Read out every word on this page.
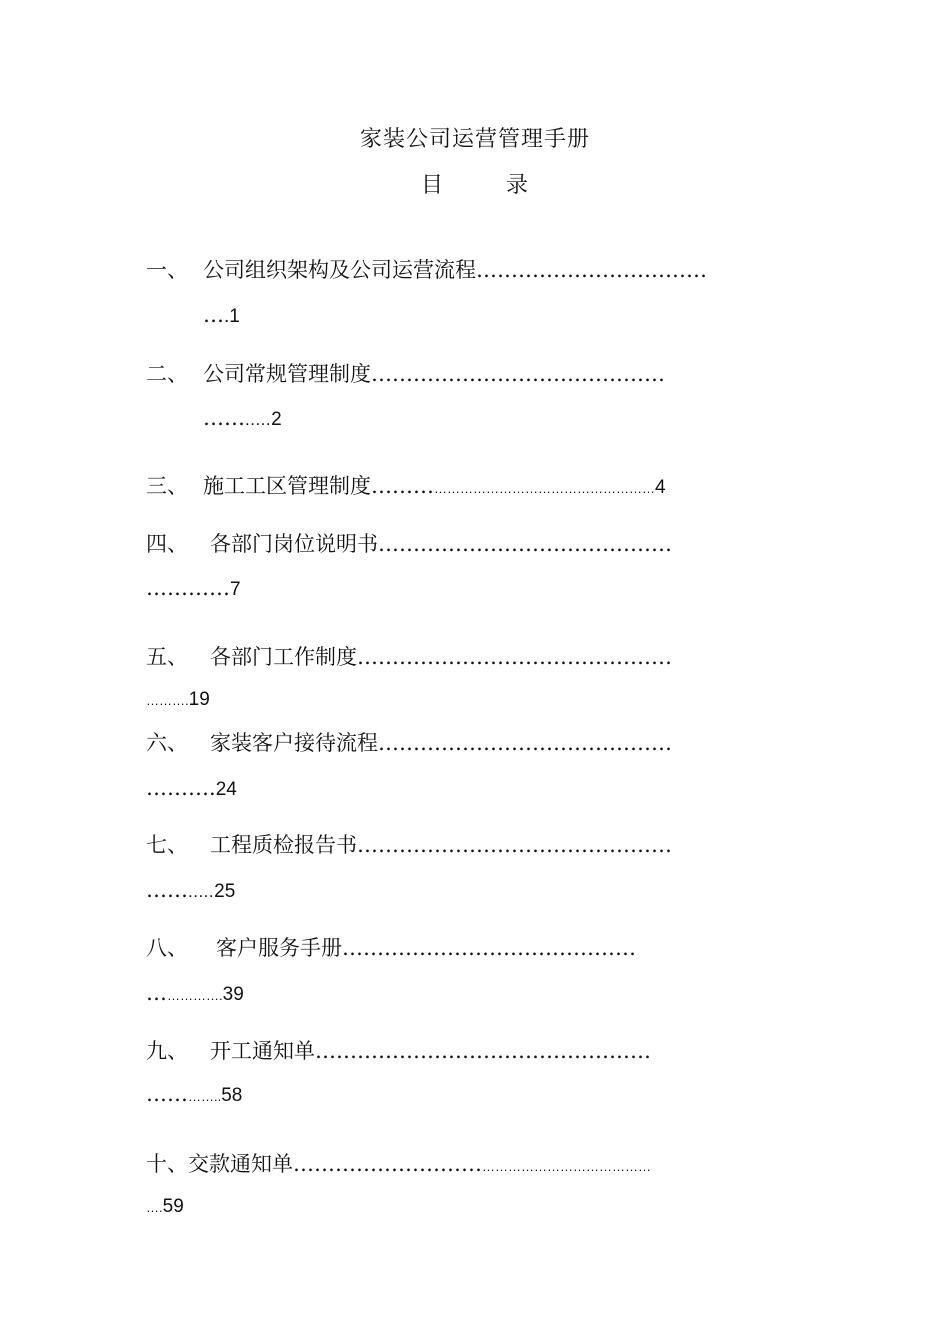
家装公司运营管理手册
目	录
一、 公司组织架构及公司运营流程……………………………
….1
二、 公司常规管理制度……………………………………
…….....2
三、 施工工区管理制度……………………………………………………4
四、 各部门岗位说明书……………………………………
…………7
五、 各部门工作制度………………………………………
……….19
六、 家装客户接待流程……………………………………
……….24
七、 工程质检报告书………………………………………
…….....25
八、 客户服务手册……………………………………
…………….39
九、 开工通知单…………………………………………
…………..58
十、交款通知单…………………………………………………………
….59
